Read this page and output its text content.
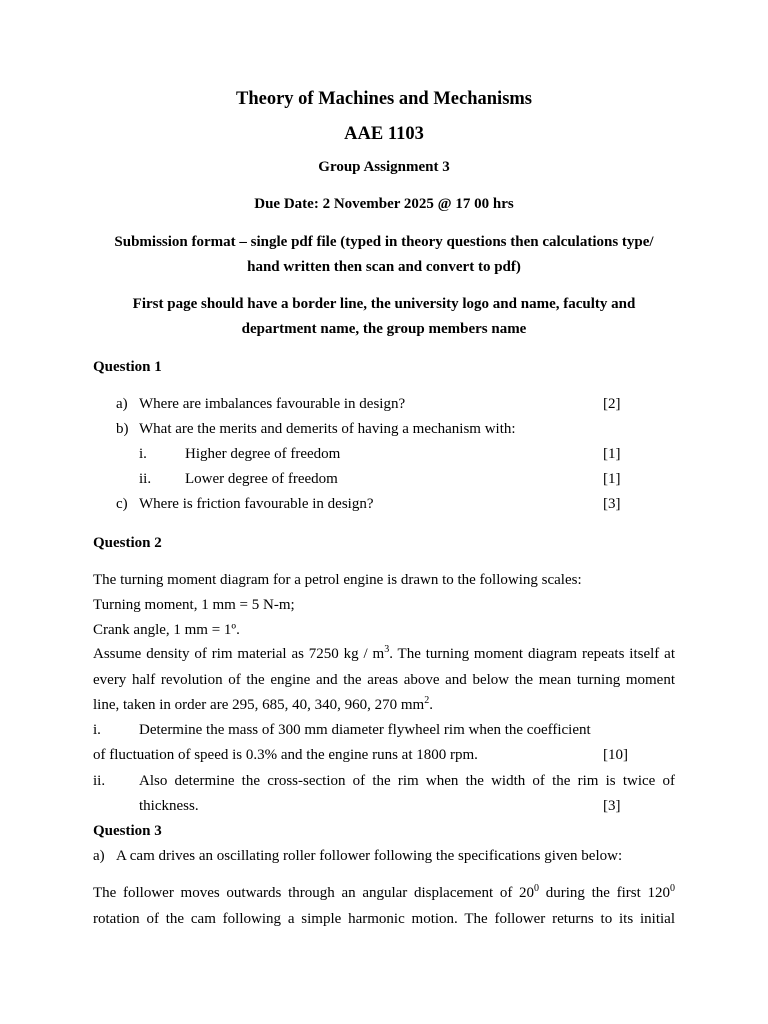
Theory of Machines and Mechanisms
AAE 1103
Group Assignment 3
Due Date: 2 November 2025 @ 17 00 hrs
Submission format – single pdf file (typed in theory questions then calculations type/
hand written then scan and convert to pdf)
First page should have a border line, the university logo and name, faculty and
department name, the group members name
Question 1
a) Where are imbalances favourable in design?	[2]
b) What are the merits and demerits of having a mechanism with:
i.	Higher degree of freedom	[1]
ii. Lower degree of freedom	[1]
c) Where is friction favourable in design?	[3]
Question 2
The turning moment diagram for a petrol engine is drawn to the following scales:
Turning moment, 1 mm = 5 N-m;
Crank angle, 1 mm = 1º.
Assume density of rim material as 7250 kg / $m^3$. The turning moment diagram repeats itself at
every half revolution of the engine and the areas above and below the mean turning moment
line, taken in order are 295, 685, 40, 340, 960, 270 $mm^2$.
i.	Determine the mass of 300 mm diameter flywheel rim when the coefficient
of fluctuation of speed is 0.3% and the engine runs at 1800 rpm.	[10]
ii. Also determine the cross-section of the rim when the width of the rim is twice of
thickness.	[3]
Question 3
a) A cam drives an oscillating roller follower following the specifications given below:
The follower moves outwards through an angular displacement of $20^0$ during the first $120^0$
rotation of the cam following a simple harmonic motion. The follower returns to its initial
